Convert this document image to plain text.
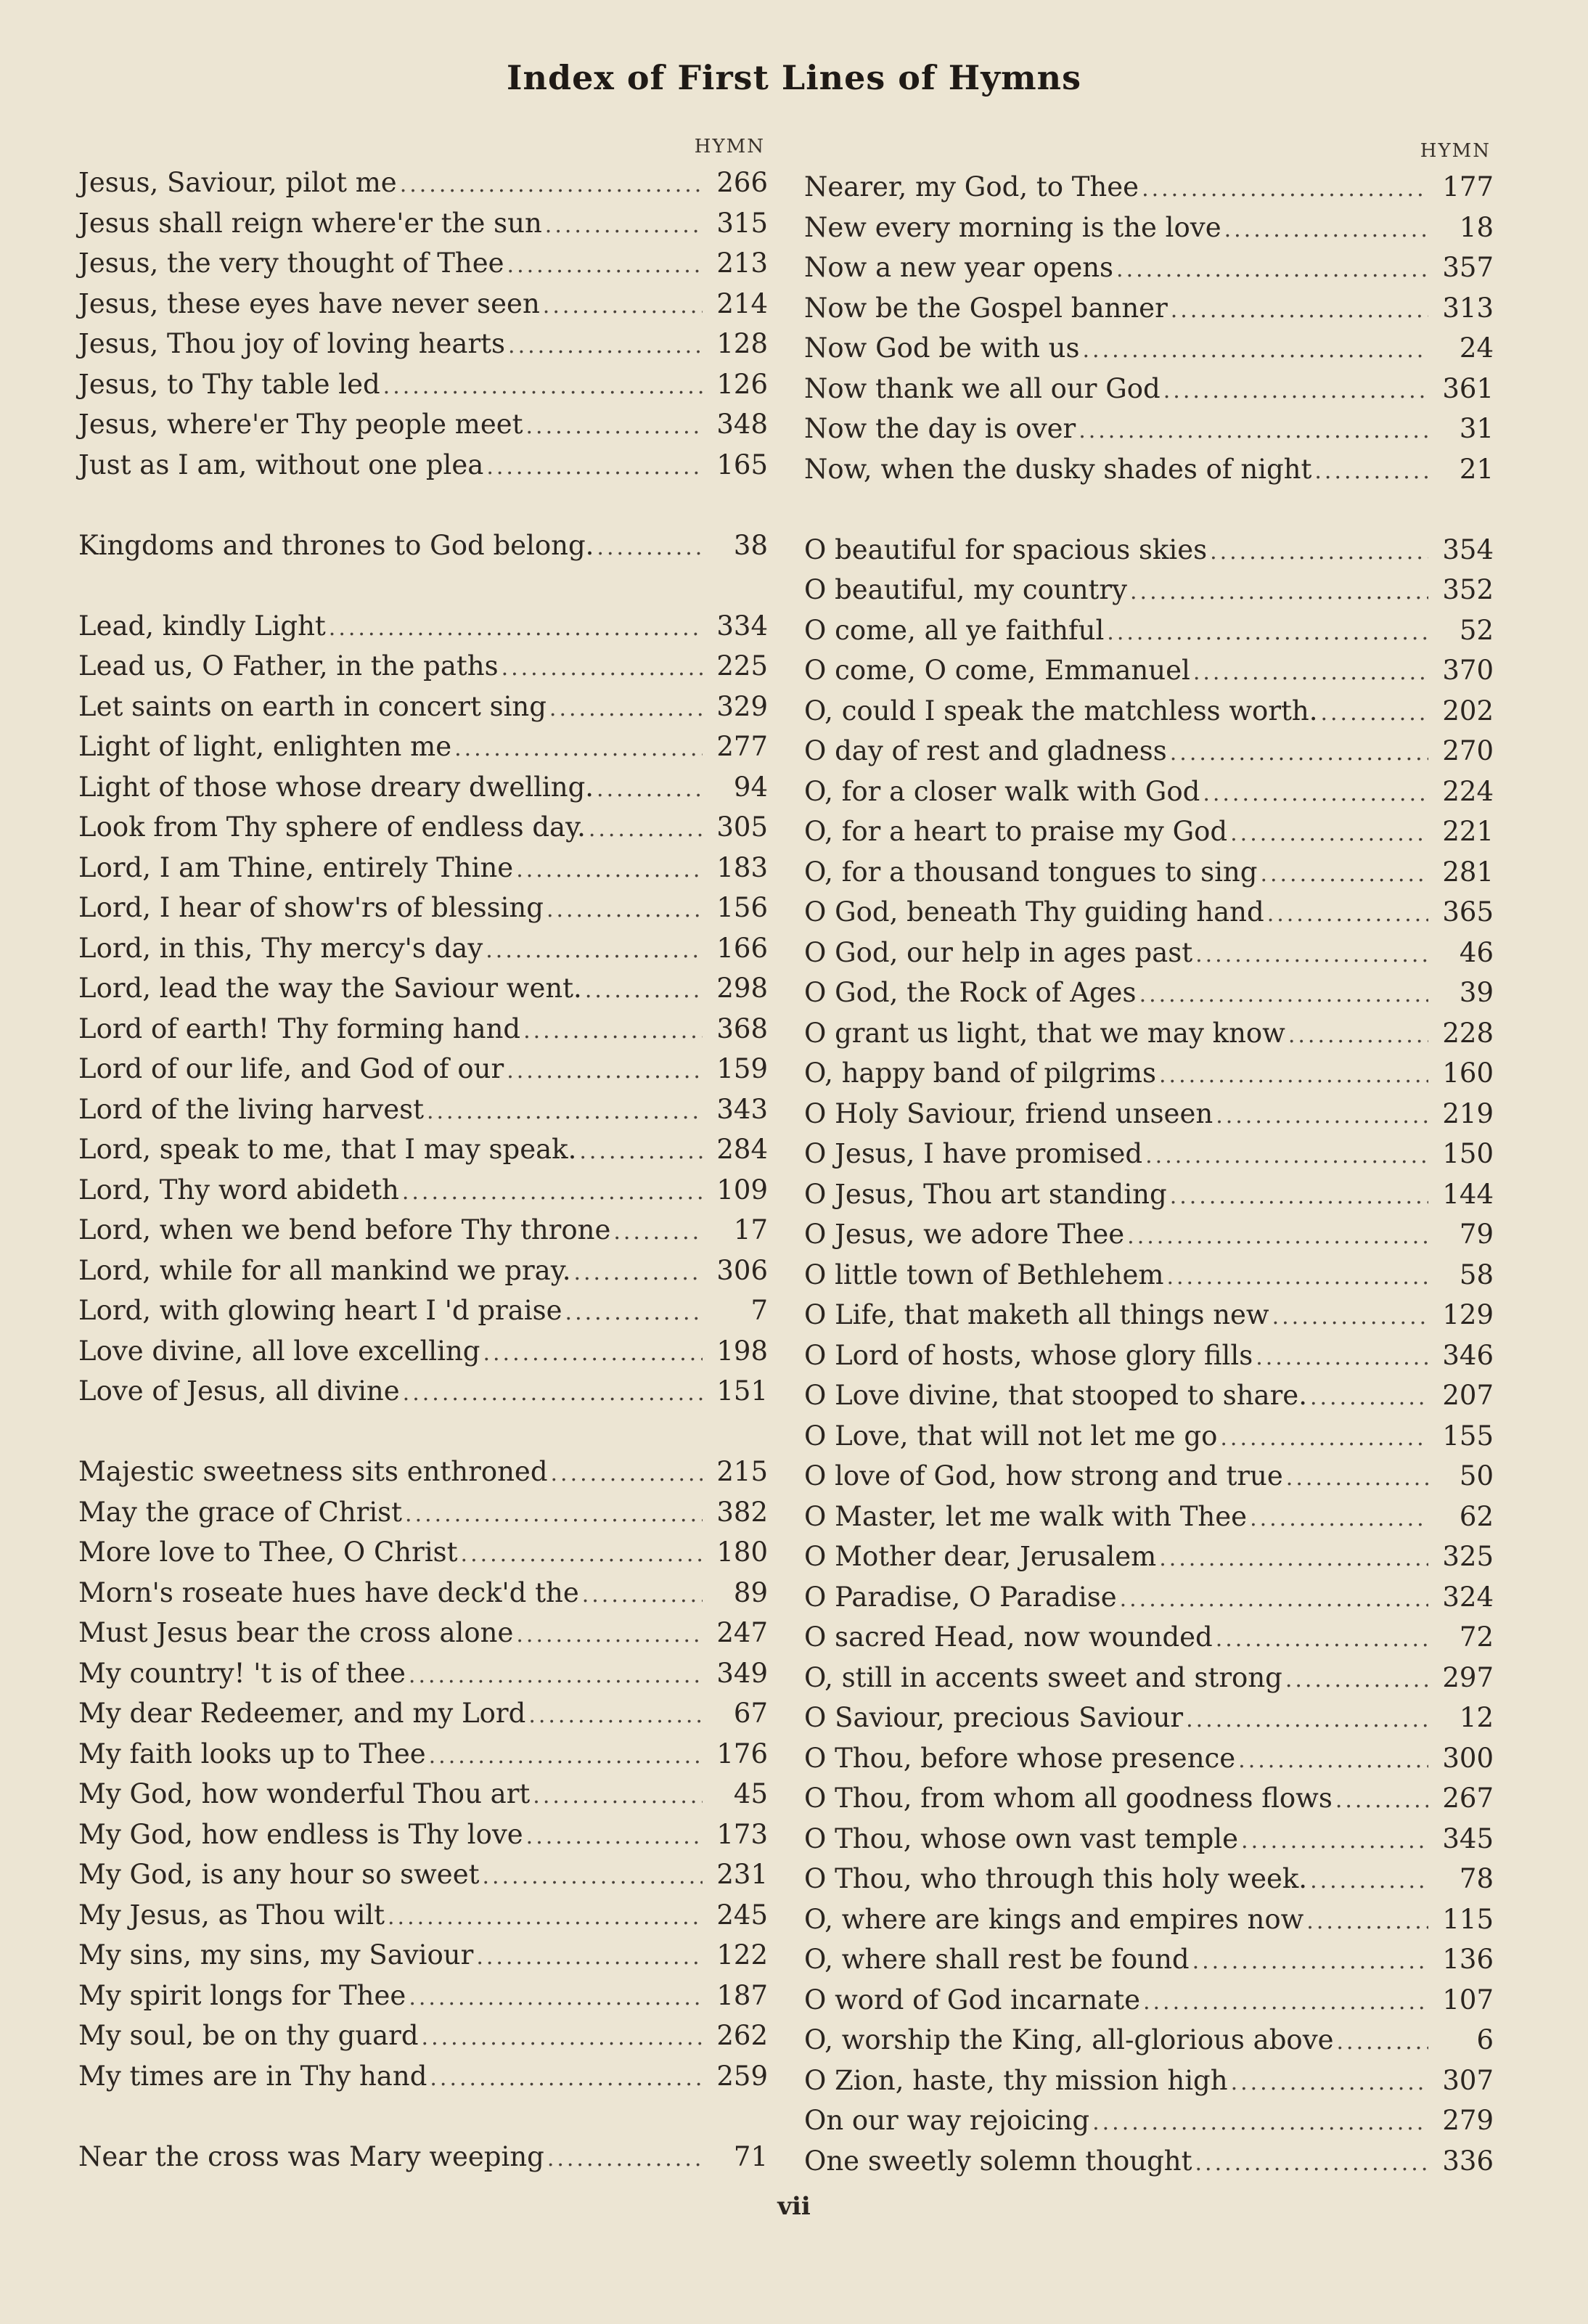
Index of First Lines of Hymns
HYMN
Jesus, Saviour, pilot me .....	266
Jesus shall reign where'er the sun .....	315
Jesus, the very thought of Thee .....	213
Jesus, these eyes have never seen .....	214
Jesus, Thou joy of loving hearts .....	128
Jesus, to Thy table led .....	126
Jesus, where'er Thy people meet .....	348
Just as I am, without one plea .....	165
Kingdoms and thrones to God belong. .....	38
Lead, kindly Light .....	334
Lead us, O Father, in the paths .....	225
Let saints on earth in concert sing .....	329
Light of light, enlighten me .....	277
Light of those whose dreary dwelling. .....	94
Look from Thy sphere of endless day. .....	305
Lord, I am Thine, entirely Thine .....	183
Lord, I hear of show'rs of blessing .....	156
Lord, in this, Thy mercy's day .....	166
Lord, lead the way the Saviour went. .....	298
Lord of earth! Thy forming hand .....	368
Lord of our life, and God of our .....	159
Lord of the living harvest .....	343
Lord, speak to me, that I may speak. .....	284
Lord, Thy word abideth .....	109
Lord, when we bend before Thy throne .....	17
Lord, while for all mankind we pray. .....	306
Lord, with glowing heart I 'd praise .....	7
Love divine, all love excelling .....	198
Love of Jesus, all divine .....	151
Majestic sweetness sits enthroned .....	215
May the grace of Christ .....	382
More love to Thee, O Christ .....	180
Morn's roseate hues have deck'd the .....	89
Must Jesus bear the cross alone .....	247
My country! 't is of thee .....	349
My dear Redeemer, and my Lord .....	67
My faith looks up to Thee .....	176
My God, how wonderful Thou art .....	45
My God, how endless is Thy love .....	173
My God, is any hour so sweet .....	231
My Jesus, as Thou wilt .....	245
My sins, my sins, my Saviour .....	122
My spirit longs for Thee .....	187
My soul, be on thy guard .....	262
My times are in Thy hand .....	259
Near the cross was Mary weeping .....	71
HYMN
Nearer, my God, to Thee .....	177
New every morning is the love .....	18
Now a new year opens .....	357
Now be the Gospel banner .....	313
Now God be with us .....	24
Now thank we all our God .....	361
Now the day is over .....	31
Now, when the dusky shades of night .....	21
O beautiful for spacious skies .....	354
O beautiful, my country .....	352
O come, all ye faithful .....	52
O come, O come, Emmanuel .....	370
O, could I speak the matchless worth. .....	202
O day of rest and gladness .....	270
O, for a closer walk with God .....	224
O, for a heart to praise my God .....	221
O, for a thousand tongues to sing .....	281
O God, beneath Thy guiding hand .....	365
O God, our help in ages past .....	46
O God, the Rock of Ages .....	39
O grant us light, that we may know .....	228
O, happy band of pilgrims .....	160
O Holy Saviour, friend unseen .....	219
O Jesus, I have promised .....	150
O Jesus, Thou art standing .....	144
O Jesus, we adore Thee .....	79
O little town of Bethlehem .....	58
O Life, that maketh all things new .....	129
O Lord of hosts, whose glory fills .....	346
O Love divine, that stooped to share. .....	207
O Love, that will not let me go .....	155
O love of God, how strong and true .....	50
O Master, let me walk with Thee .....	62
O Mother dear, Jerusalem .....	325
O Paradise, O Paradise .....	324
O sacred Head, now wounded .....	72
O, still in accents sweet and strong .....	297
O Saviour, precious Saviour .....	12
O Thou, before whose presence .....	300
O Thou, from whom all goodness flows .....	267
O Thou, whose own vast temple .....	345
O Thou, who through this holy week. .....	78
O, where are kings and empires now .....	115
O, where shall rest be found .....	136
O word of God incarnate .....	107
O, worship the King, all-glorious above .....	6
O Zion, haste, thy mission high .....	307
On our way rejoicing .....	279
One sweetly solemn thought .....	336
vii
